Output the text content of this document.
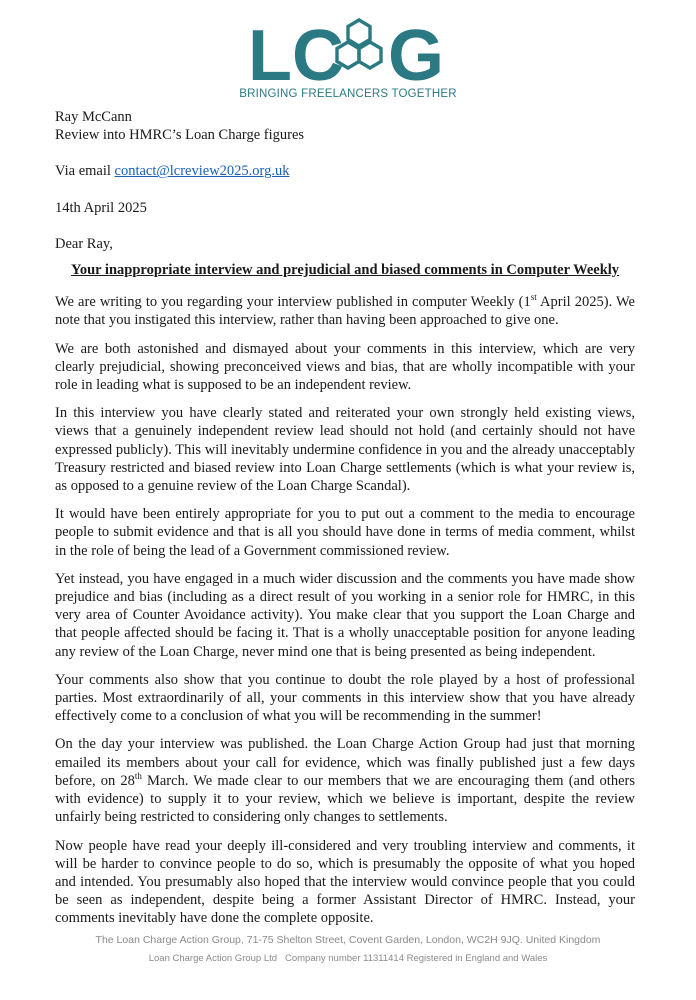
LC G
BRINGING FREELANCERS TOGETHER

Ray McCann

Review into HMRC’s Loan Charge figures

Via email contact@lcreview2025.org.uk

14th April 2025

Dear Ray,

Your inappropriate interview and prejudicial and biased comments in Computer Weekly

We are writing to you regarding your interview published in computer Weekly (1st April 2025). We note that you instigated this interview, rather than having been approached to give one.

We are both astonished and dismayed about your comments in this interview, which are very clearly prejudicial, showing preconceived views and bias, that are wholly incompatible with your role in leading what is supposed to be an independent review.

In this interview you have clearly stated and reiterated your own strongly held existing views, views that a genuinely independent review lead should not hold (and certainly should not have expressed publicly). This will inevitably undermine confidence in you and the already unacceptably Treasury restricted and biased review into Loan Charge settlements (which is what your review is, as opposed to a genuine review of the Loan Charge Scandal).

It would have been entirely appropriate for you to put out a comment to the media to encourage people to submit evidence and that is all you should have done in terms of media comment, whilst in the role of being the lead of a Government commissioned review.

Yet instead, you have engaged in a much wider discussion and the comments you have made show prejudice and bias (including as a direct result of you working in a senior role for HMRC, in this very area of Counter Avoidance activity). You make clear that you support the Loan Charge and that people affected should be facing it. That is a wholly unacceptable position for anyone leading any review of the Loan Charge, never mind one that is being presented as being independent.

Your comments also show that you continue to doubt the role played by a host of professional parties. Most extraordinarily of all, your comments in this interview show that you have already effectively come to a conclusion of what you will be recommending in the summer!

On the day your interview was published. the Loan Charge Action Group had just that morning emailed its members about your call for evidence, which was finally published just a few days before, on 28th March. We made clear to our members that we are encouraging them (and others with evidence) to supply it to your review, which we believe is important, despite the review unfairly being restricted to considering only changes to settlements.

Now people have read your deeply ill-considered and very troubling interview and comments, it will be harder to convince people to do so, which is presumably the opposite of what you hoped and intended. You presumably also hoped that the interview would convince people that you could be seen as independent, despite being a former Assistant Director of HMRC. Instead, your comments inevitably have done the complete opposite.

The Loan Charge Action Group, 71-75 Shelton Street, Covent Garden, London, WC2H 9JQ. United Kingdom
Loan Charge Action Group Ltd   Company number 11311414 Registered in England and Wales
